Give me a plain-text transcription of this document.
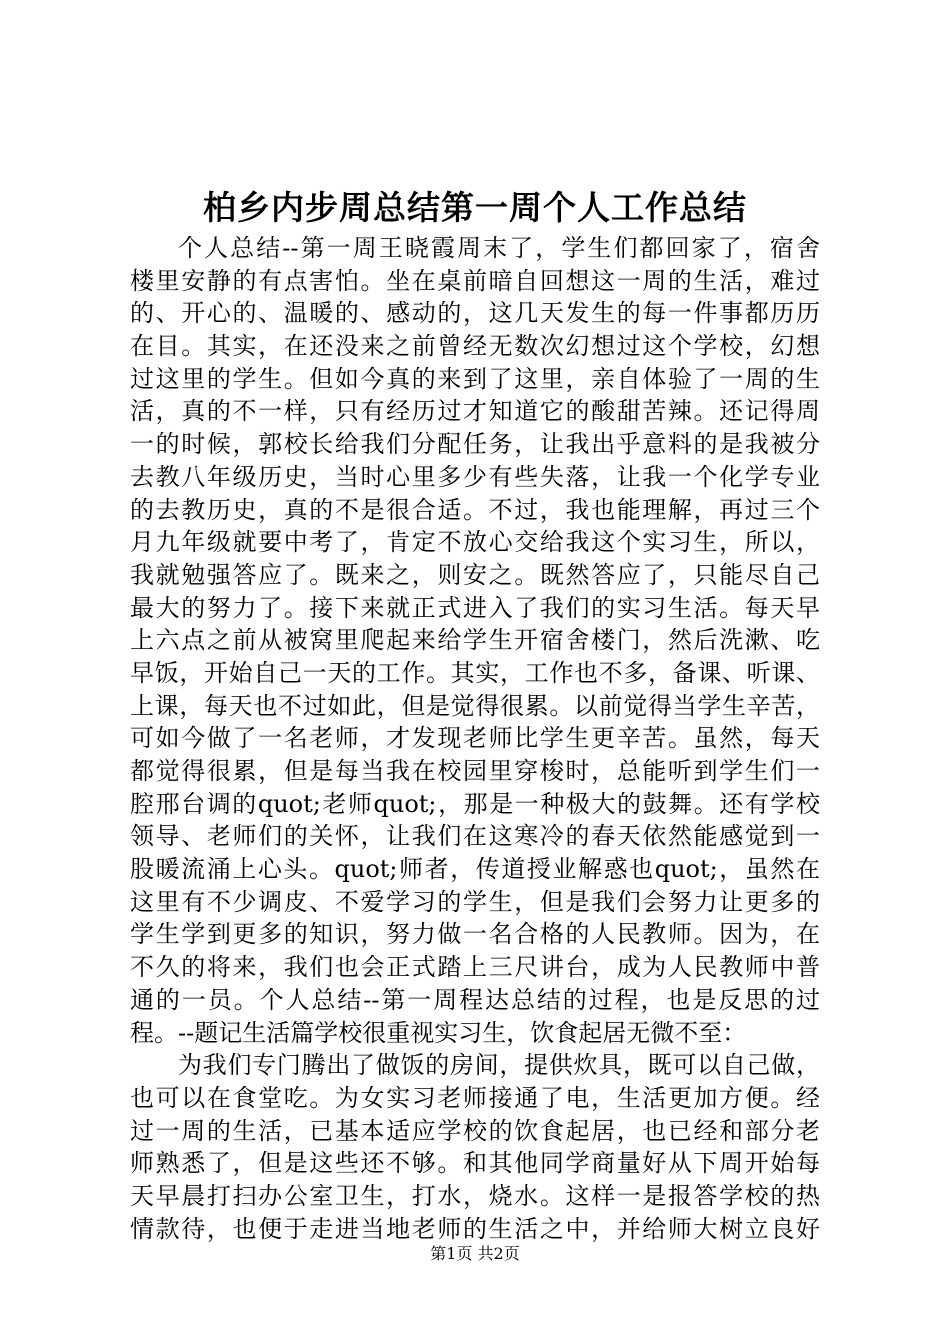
柏乡内步周总结第一周个人工作总结
个人总结--第一周王晓霞周末了，学生们都回家了，宿舍
楼里安静的有点害怕。坐在桌前暗自回想这一周的生活，难过
的、开心的、温暖的、感动的，这几天发生的每一件事都历历
在目。其实，在还没来之前曾经无数次幻想过这个学校，幻想
过这里的学生。但如今真的来到了这里，亲自体验了一周的生
活，真的不一样，只有经历过才知道它的酸甜苦辣。还记得周
一的时候，郭校长给我们分配任务，让我出乎意料的是我被分
去教八年级历史，当时心里多少有些失落，让我一个化学专业
的去教历史，真的不是很合适。不过，我也能理解，再过三个
月九年级就要中考了，肯定不放心交给我这个实习生，所以，
我就勉强答应了。既来之，则安之。既然答应了，只能尽自己
最大的努力了。接下来就正式进入了我们的实习生活。每天早
上六点之前从被窝里爬起来给学生开宿舍楼门，然后洗漱、吃
早饭，开始自己一天的工作。其实，工作也不多，备课、听课、
上课，每天也不过如此，但是觉得很累。以前觉得当学生辛苦，
可如今做了一名老师，才发现老师比学生更辛苦。虽然，每天
都觉得很累，但是每当我在校园里穿梭时，总能听到学生们一
腔邢台调的quot;老师quot;，那是一种极大的鼓舞。还有学校
领导、老师们的关怀，让我们在这寒冷的春天依然能感觉到一
股暖流涌上心头。quot;师者，传道授业解惑也quot;，虽然在
这里有不少调皮、不爱学习的学生，但是我们会努力让更多的
学生学到更多的知识，努力做一名合格的人民教师。因为，在
不久的将来，我们也会正式踏上三尺讲台，成为人民教师中普
通的一员。个人总结--第一周程达总结的过程，也是反思的过
程。--题记生活篇学校很重视实习生，饮食起居无微不至：
为我们专门腾出了做饭的房间，提供炊具，既可以自己做，
也可以在食堂吃。为女实习老师接通了电，生活更加方便。经
过一周的生活，已基本适应学校的饮食起居，也已经和部分老
师熟悉了，但是这些还不够。和其他同学商量好从下周开始每
天早晨打扫办公室卫生，打水，烧水。这样一是报答学校的热
情款待，也便于走进当地老师的生活之中，并给师大树立良好
第1页 共2页
